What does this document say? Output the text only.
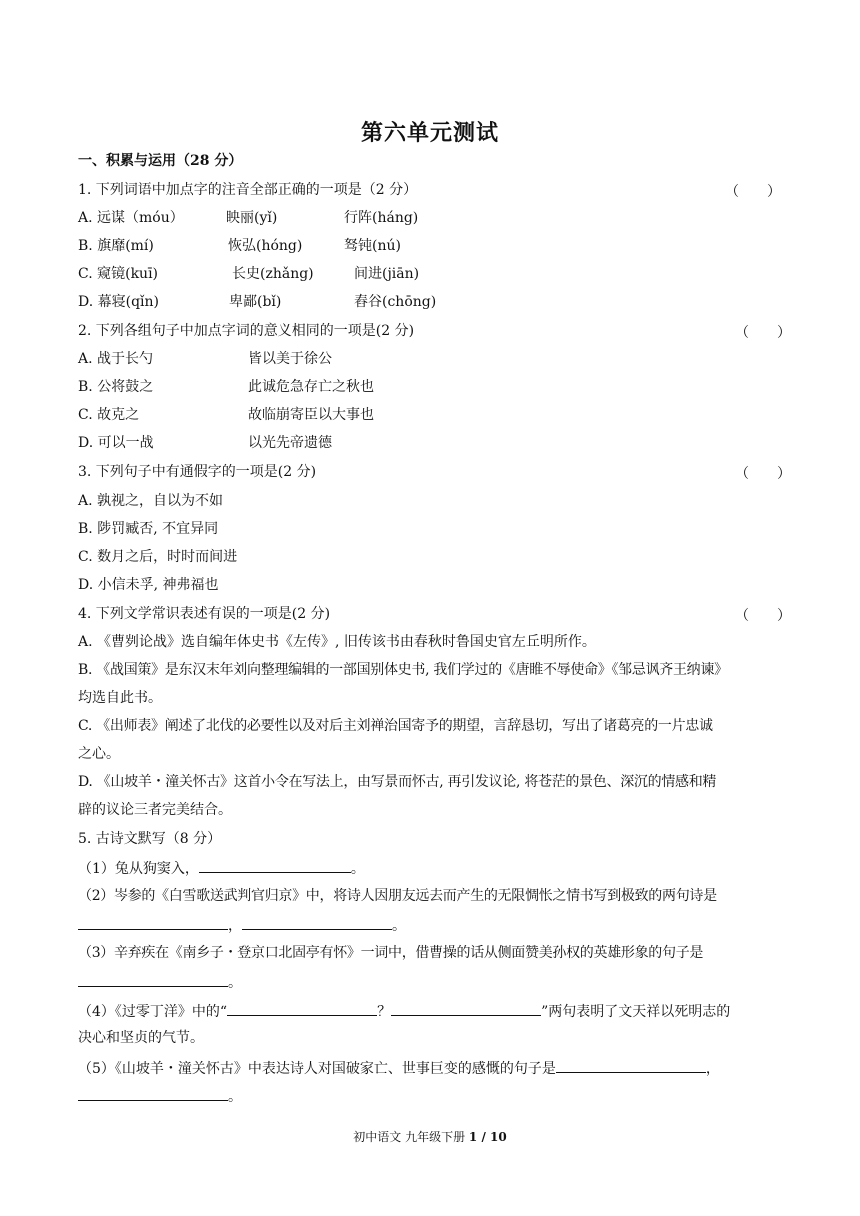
第六单元测试
一、积累与运用（28 分）
1. 下列词语中加点字的注音全部正确的一项是（2 分）	（　　）
A. 远谋（móu）	眏丽(yǐ)	行阵(háng)
B. 旗靡(mí)	恢弘(hóng)	驽钝(nú)
C. 窥镜(kuī)	长史(zhǎng)	间进(jiān)
D. 幕寝(qǐn)	卑鄙(bǐ)	舂谷(chōng)
2. 下列各组句子中加点字词的意义相同的一项是(2 分)	（　　）
A. 战于长勺	皆以美于徐公
B. 公将鼓之	此诚危急存亡之秋也
C. 故克之	故临崩寄臣以大事也
D. 可以一战	以光先帝遗德
3. 下列句子中有通假字的一项是(2 分)	（　　）
A. 孰视之，自以为不如
B. 陟罚臧否, 不宜异同
C. 数月之后，时时而间进
D. 小信未孚, 神弗福也
4. 下列文学常识表述有误的一项是(2 分)	（　　）
A. 《曹刿论战》选自编年体史书《左传》, 旧传该书由春秋时鲁国史官左丘明所作。
B. 《战国策》是东汉末年刘向整理编辑的一部国别体史书, 我们学过的《唐睢不辱使命》《邹忌讽齐王纳谏》
均选自此书。
C. 《出师表》阐述了北伐的必要性以及对后主刘禅治国寄予的期望，言辞恳切，写出了诸葛亮的一片忠诚
之心。
D. 《山坡羊・潼关怀古》这首小令在写法上，由写景而怀古, 再引发议论, 将苍茫的景色、深沉的情感和精
辟的议论三者完美结合。
5. 古诗文默写（8 分）
（1）兔从狗窦入，	。
（2）岑参的《白雪歌送武判官归京》中，将诗人因朋友远去而产生的无限惆怅之情书写到极致的两句诗是
，	。
（3）辛弃疾在《南乡子・登京口北固亭有怀》一词中，借曹操的话从侧面赞美孙权的英雄形象的句子是
。
（4）《过零丁洋》中的“	？	”两句表明了文天祥以死明志的
决心和坚贞的气节。
（5）《山坡羊・潼关怀古》中表达诗人对国破家亡、世事巨变的感慨的句子是	，
。
初中语文 九年级下册 1 / 10
